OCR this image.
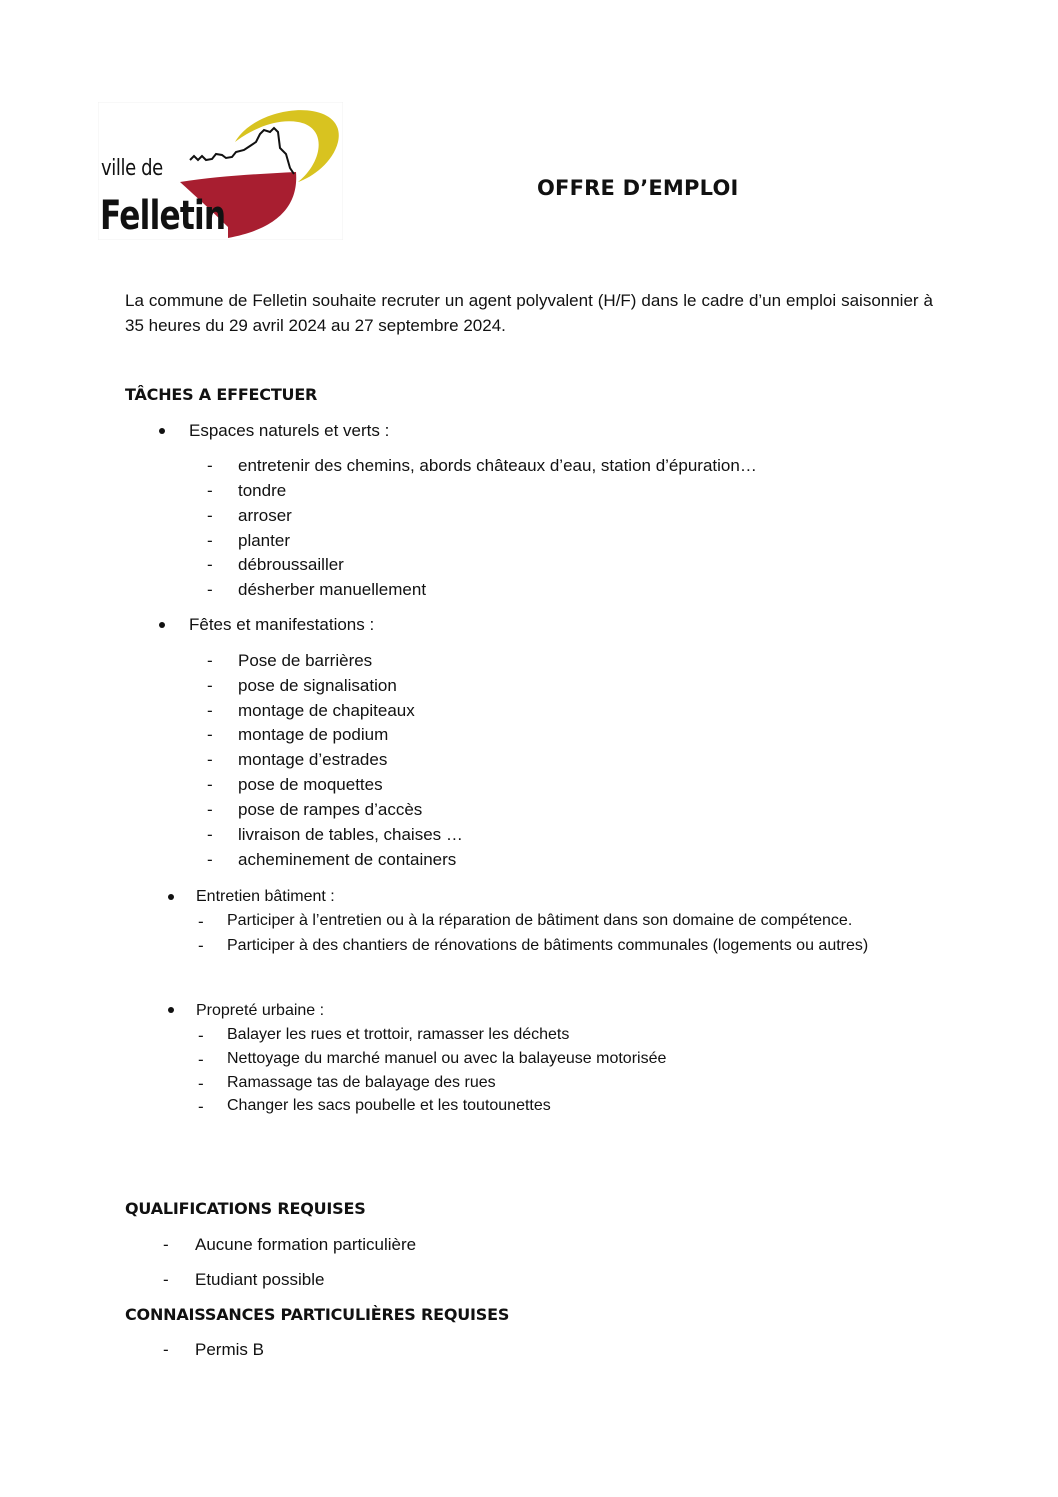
ville de
Felletin
OFFRE D’EMPLOI
La commune de Felletin souhaite recruter un agent polyvalent (H/F) dans le cadre d’un emploi saisonnier à 35 heures du 29 avril 2024 au 27 septembre 2024.
TÂCHES A EFFECTUER
Espaces naturels et verts :
- entretenir des chemins, abords châteaux d’eau, station d’épuration…
- tondre
- arroser
- planter
- débroussailler
- désherber manuellement
Fêtes et manifestations :
- Pose de barrières
- pose de signalisation
- montage de chapiteaux
- montage de podium
- montage d’estrades
- pose de moquettes
- pose de rampes d’accès
- livraison de tables, chaises …
- acheminement de containers
Entretien bâtiment :
- Participer à l’entretien ou à la réparation de bâtiment dans son domaine de compétence.
- Participer à des chantiers de rénovations de bâtiments communales (logements ou autres)
Propreté urbaine :
- Balayer les rues et trottoir, ramasser les déchets
- Nettoyage du marché manuel ou avec la balayeuse motorisée
- Ramassage tas de balayage des rues
- Changer les sacs poubelle et les toutounettes
QUALIFICATIONS REQUISES
- Aucune formation particulière
- Etudiant possible
CONNAISSANCES PARTICULIÈRES REQUISES
- Permis B
